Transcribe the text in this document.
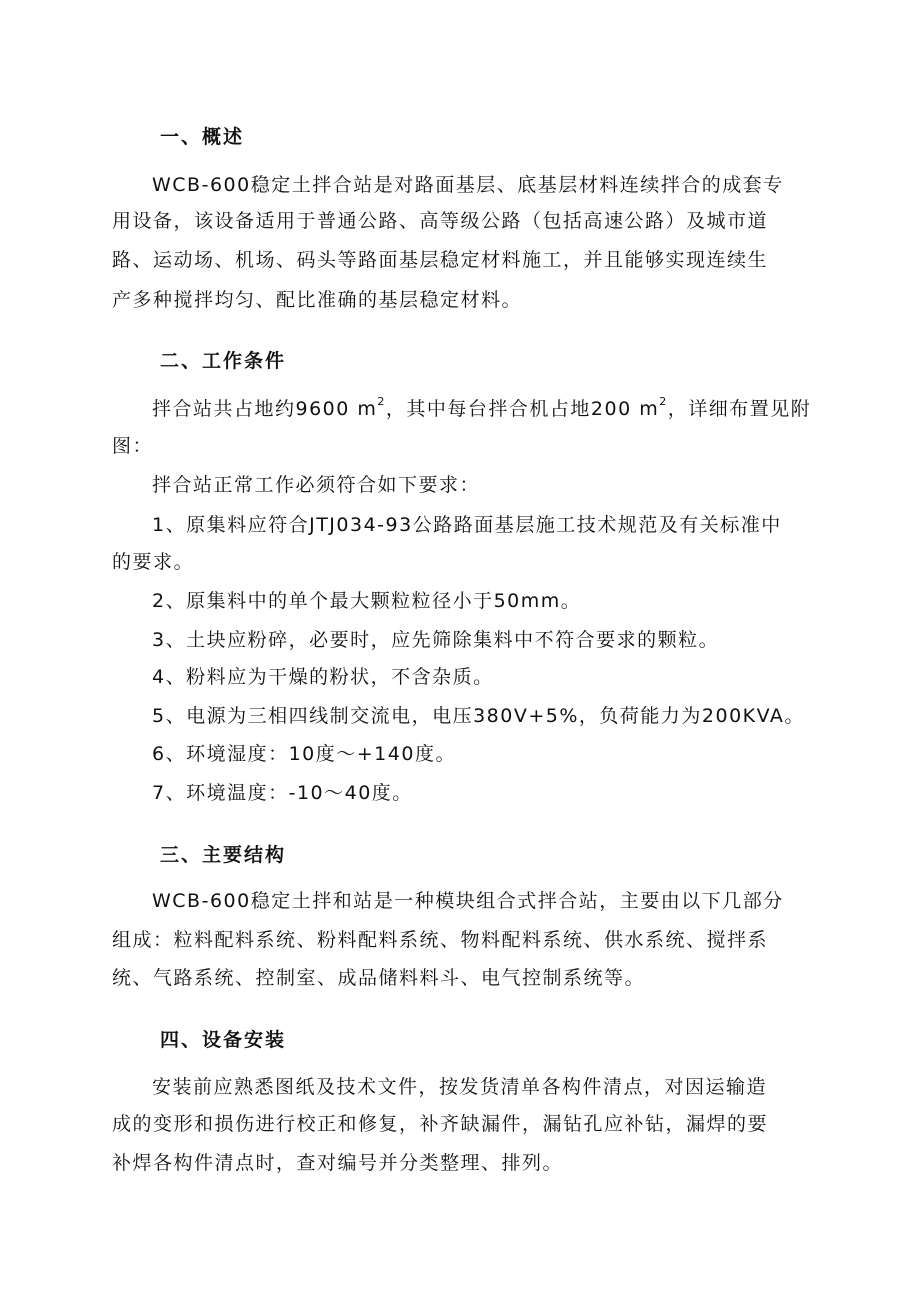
一、概述
WCB-600稳定土拌合站是对路面基层、底基层材料连续拌合的成套专
用设备，该设备适用于普通公路、高等级公路（包括高速公路）及城市道
路、运动场、机场、码头等路面基层稳定材料施工，并且能够实现连续生
产多种搅拌均匀、配比准确的基层稳定材料。
二、工作条件
拌合站共占地约9600 $m^2$，其中每台拌合机占地200 $m^2$，详细布置见附
图：
拌合站正常工作必须符合如下要求：
1、原集料应符合JTJ034-93公路路面基层施工技术规范及有关标准中
的要求。
2、原集料中的单个最大颗粒粒径小于50mm。
3、土块应粉碎，必要时，应先筛除集料中不符合要求的颗粒。
4、粉料应为干燥的粉状，不含杂质。
5、电源为三相四线制交流电，电压380V+5%，负荷能力为200KVA。
6、环境湿度：10度～+140度。
7、环境温度：-10～40度。
三、主要结构
WCB-600稳定土拌和站是一种模块组合式拌合站，主要由以下几部分
组成：粒料配料系统、粉料配料系统、物料配料系统、供水系统、搅拌系
统、气路系统、控制室、成品储料料斗、电气控制系统等。
四、设备安装
安装前应熟悉图纸及技术文件，按发货清单各构件清点，对因运输造
成的变形和损伤进行校正和修复，补齐缺漏件，漏钻孔应补钻，漏焊的要
补焊各构件清点时，查对编号并分类整理、排列。
